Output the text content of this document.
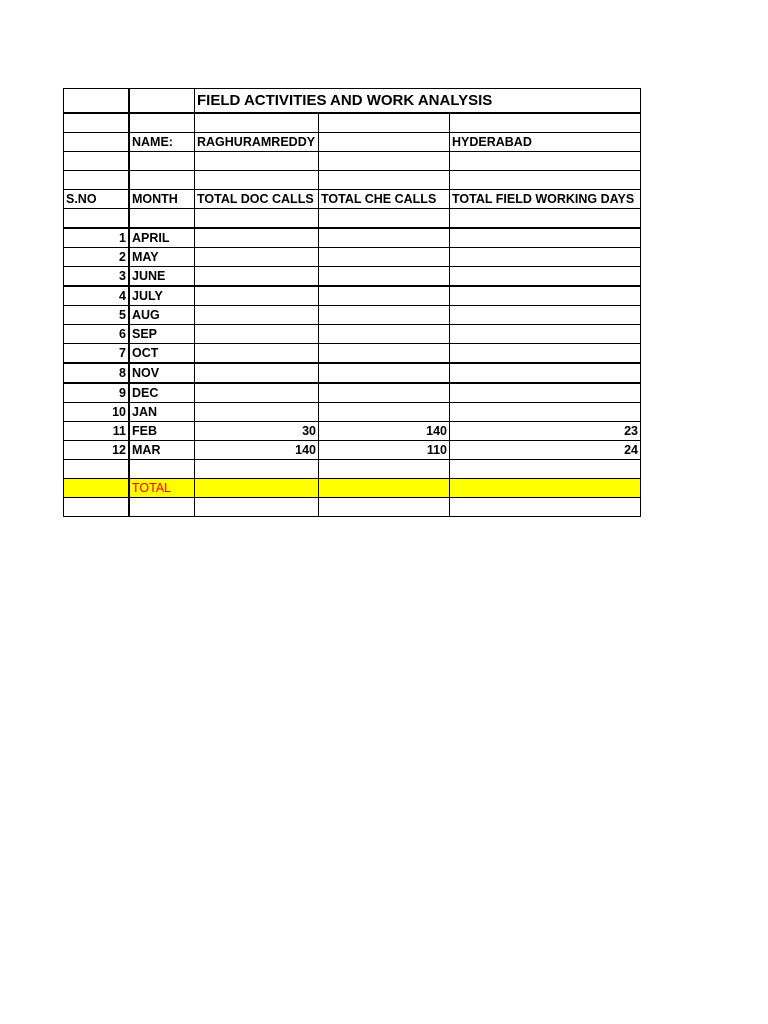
		FIELD ACTIVITIES AND WORK ANALYSIS		

	NAME:	RAGHURAMREDDY		HYDERABAD

S.NO	MONTH	TOTAL DOC CALLS	TOTAL CHE CALLS	TOTAL FIELD WORKING DAYS

1	APRIL			
2	MAY			
3	JUNE			
4	JULY			
5	AUG			
6	SEP			
7	OCT			
8	NOV			
9	DEC			
10	JAN			
11	FEB	30	140	23
12	MAR	140	110	24

	TOTAL			
